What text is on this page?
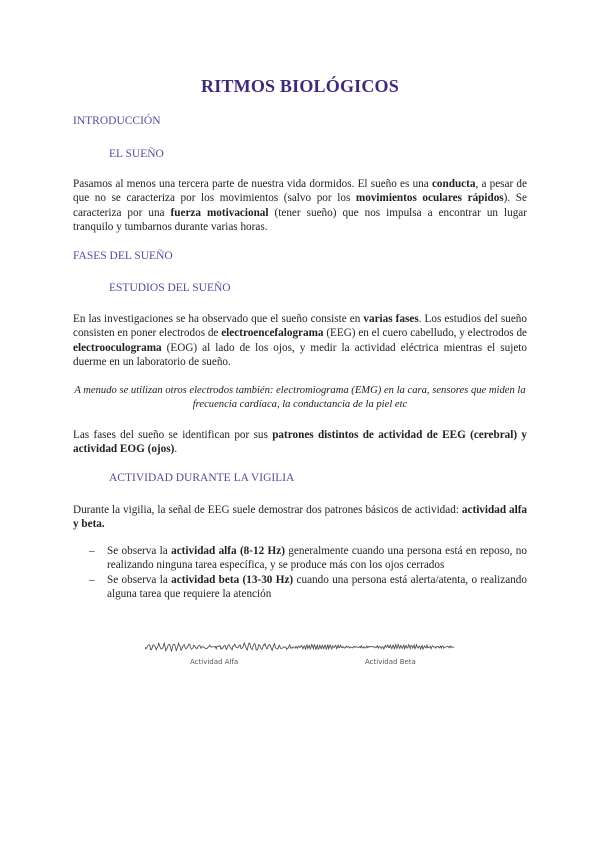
RITMOS BIOLÓGICOS
INTRODUCCIÓN
EL SUEÑO

Pasamos al menos una tercera parte de nuestra vida dormidos. El sueño es una conducta, a pesar de que no se caracteriza por los movimientos (salvo por los movimientos oculares rápidos). Se caracteriza por una fuerza motivacional (tener sueño) que nos impulsa a encontrar un lugar tranquilo y tumbarnos durante varias horas.

FASES DEL SUEÑO
ESTUDIOS DEL SUEÑO

En las investigaciones se ha observado que el sueño consiste en varias fases. Los estudios del sueño consisten en poner electrodos de electroencefalograma (EEG) en el cuero cabelludo, y electrodos de electrooculograma (EOG) al lado de los ojos, y medir la actividad eléctrica mientras el sujeto duerme en un laboratorio de sueño.

A menudo se utilizan otros electrodos también: electromiograma (EMG) en la cara, sensores que miden la frecuencia cardíaca, la conductancia de la piel etc

Las fases del sueño se identifican por sus patrones distintos de actividad de EEG (cerebral) y actividad EOG (ojos).

ACTIVIDAD DURANTE LA VIGILIA

Durante la vigilia, la señal de EEG suele demostrar dos patrones básicos de actividad: actividad alfa y beta.

– Se observa la actividad alfa (8-12 Hz) generalmente cuando una persona está en reposo, no realizando ninguna tarea específica, y se produce más con los ojos cerrados
– Se observa la actividad beta (13-30 Hz) cuando una persona está alerta/atenta, o realizando alguna tarea que requiere la atención
Actividad Alfa	Actividad Beta
